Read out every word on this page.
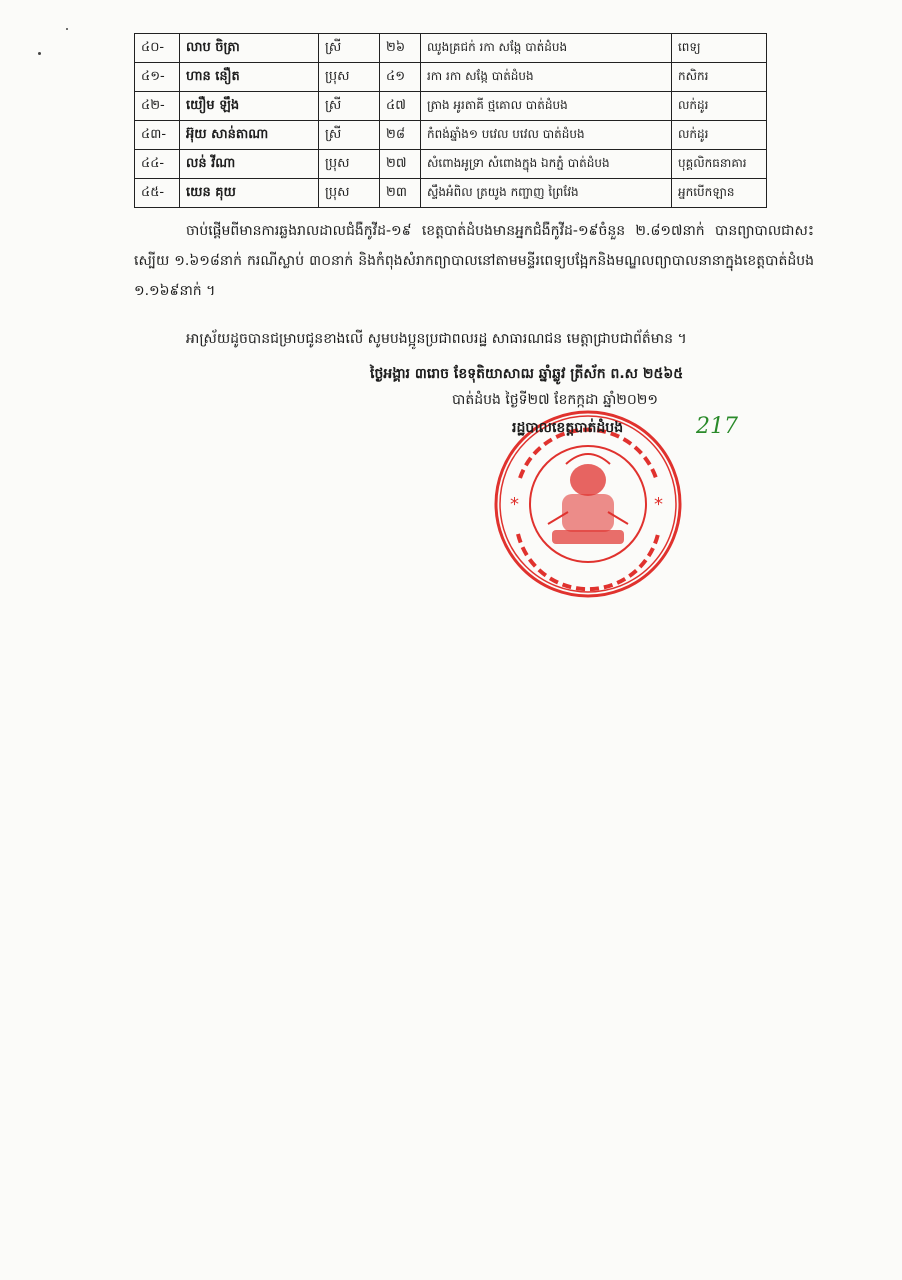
៤០-	លាប ចិត្រា	ស្រី	២៦	ឈូងគ្រជក់ រកា សង្កែ បាត់ដំបង	ពេទ្យ
៤១-	ហាន នឿត	ប្រុស	៤១	រកា រកា សង្កែ បាត់ដំបង	កសិករ
៤២-	យឿម ឡឹង	ស្រី	៤៧	ត្រាង អូរតាគី ថ្មគោល បាត់ដំបង	លក់ដូរ
៤៣-	អ៊ុយ សាន់តាណា	ស្រី	២៨	កំពង់ឆ្នាំង១ បវេល បវេល បាត់ដំបង	លក់ដូរ
៤៤-	លន់ វីណា	ប្រុស	២៧	សំពោងអូទ្រា សំពោងក្នុង ឯកភ្នំ បាត់ដំបង	បុគ្គលិកធនាគារ
៤៥-	យេន គុយ	ប្រុស	២៣	ស្ទឹងអំពិល ត្រយូង កញ្ចាញ ព្រៃវែង	អ្នកបើកឡាន

ចាប់ផ្ដើមពីមានការឆ្លងរាលដាលជំងឺកូវីដ-១៩ ខេត្តបាត់ដំបងមានអ្នកជំងឺកូវីដ-១៩ចំនួន ២.៨១៧នាក់ បានព្យាបាលជាសះស្បើយ ១.៦១៨នាក់ ករណីស្លាប់ ៣០នាក់ និងកំពុងសំរាកព្យាបាលនៅតាមមន្ទីរពេទ្យបង្អែកនិងមណ្ឌលព្យាបាលនានាក្នុងខេត្តបាត់ដំបង ១.១៦៩នាក់ ។

អាស្រ័យដូចបានជម្រាបជូនខាងលើ សូមបងប្អូនប្រជាពលរដ្ឋ សាធារណជន មេត្តាជ្រាបជាព័ត៌មាន ។

ថ្ងៃអង្គារ ៣រោច ខែទុតិយាសាឍ ឆ្នាំឆ្លូវ ត្រីស័ក ព.ស ២៥៦៥
បាត់ដំបង ថ្ងៃទី២៧ ខែកក្កដា ឆ្នាំ២០២១
*	*
រដ្ឋបាលខេត្តបាត់ដំបង	217
